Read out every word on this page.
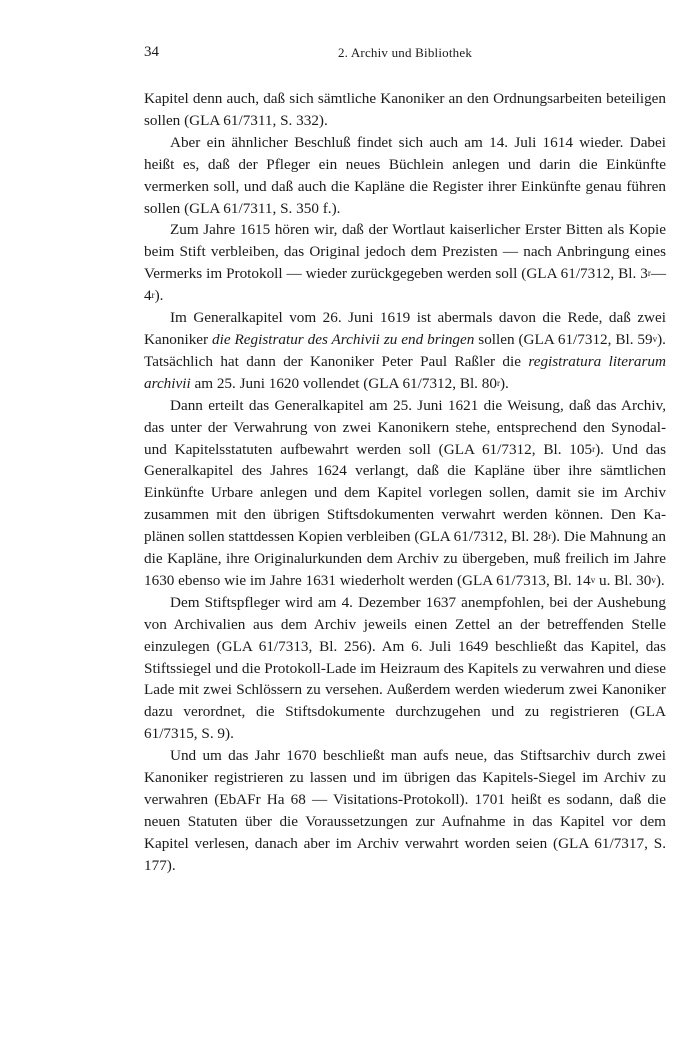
34	2. Archiv und Bibliothek

Kapitel denn auch, daß sich sämtliche Kanoniker an den Ordnungsarbeiten beteiligen sollen (GLA 61/7311, S. 332).

Aber ein ähnlicher Beschluß findet sich auch am 14. Juli 1614 wieder. Dabei heißt es, daß der Pfleger ein neues Büchlein anlegen und darin die Einkünfte vermerken soll, und daß auch die Kapläne die Register ihrer Einkünfte genau führen sollen (GLA 61/7311, S. 350 f.).

Zum Jahre 1615 hören wir, daß der Wortlaut kaiserlicher Erster Bitten als Kopie beim Stift verbleiben, das Original jedoch dem Prezisten — nach Anbringung eines Vermerks im Protokoll — wieder zurückgegeben werden soll (GLA 61/7312, Bl. 3$^r$—4$^r$).

Im Generalkapitel vom 26. Juni 1619 ist abermals davon die Rede, daß zwei Kanoniker die Registratur des Archivii zu end bringen sollen (GLA 61/7312, Bl. 59$^v$). Tatsächlich hat dann der Kanoniker Peter Paul Raßler die registratura literarum archivii am 25. Juni 1620 vollendet (GLA 61/7312, Bl. 80$^r$).

Dann erteilt das Generalkapitel am 25. Juni 1621 die Weisung, daß das Archiv, das unter der Verwahrung von zwei Kanonikern stehe, entsprechend den Synodal- und Kapitelsstatuten aufbewahrt werden soll (GLA 61/7312, Bl. 105$^r$). Und das Generalkapitel des Jahres 1624 verlangt, daß die Kapläne über ihre sämtlichen Einkünfte Urbare anlegen und dem Kapitel vorlegen sollen, damit sie im Archiv zusammen mit den übrigen Stiftsdokumenten verwahrt werden können. Den Kaplänen sollen stattdessen Kopien verbleiben (GLA 61/7312, Bl. 28$^r$). Die Mahnung an die Kapläne, ihre Originalurkunden dem Archiv zu übergeben, muß freilich im Jahre 1630 ebenso wie im Jahre 1631 wiederholt werden (GLA 61/7313, Bl. 14$^v$ u. Bl. 30$^v$).

Dem Stiftspfleger wird am 4. Dezember 1637 anempfohlen, bei der Aushebung von Archivalien aus dem Archiv jeweils einen Zettel an der betreffenden Stelle einzulegen (GLA 61/7313, Bl. 256). Am 6. Juli 1649 beschließt das Kapitel, das Stiftssiegel und die Protokoll-Lade im Heizraum des Kapitels zu verwahren und diese Lade mit zwei Schlössern zu versehen. Außerdem werden wiederum zwei Kanoniker dazu verordnet, die Stiftsdokumente durchzugehen und zu registrieren (GLA 61/7315, S. 9).

Und um das Jahr 1670 beschließt man aufs neue, das Stiftsarchiv durch zwei Kanoniker registrieren zu lassen und im übrigen das Kapitels-Siegel im Archiv zu verwahren (EbAFr Ha 68 — Visitations-Protokoll). 1701 heißt es sodann, daß die neuen Statuten über die Voraussetzungen zur Aufnahme in das Kapitel vor dem Kapitel verlesen, danach aber im Archiv verwahrt worden seien (GLA 61/7317, S. 177).
